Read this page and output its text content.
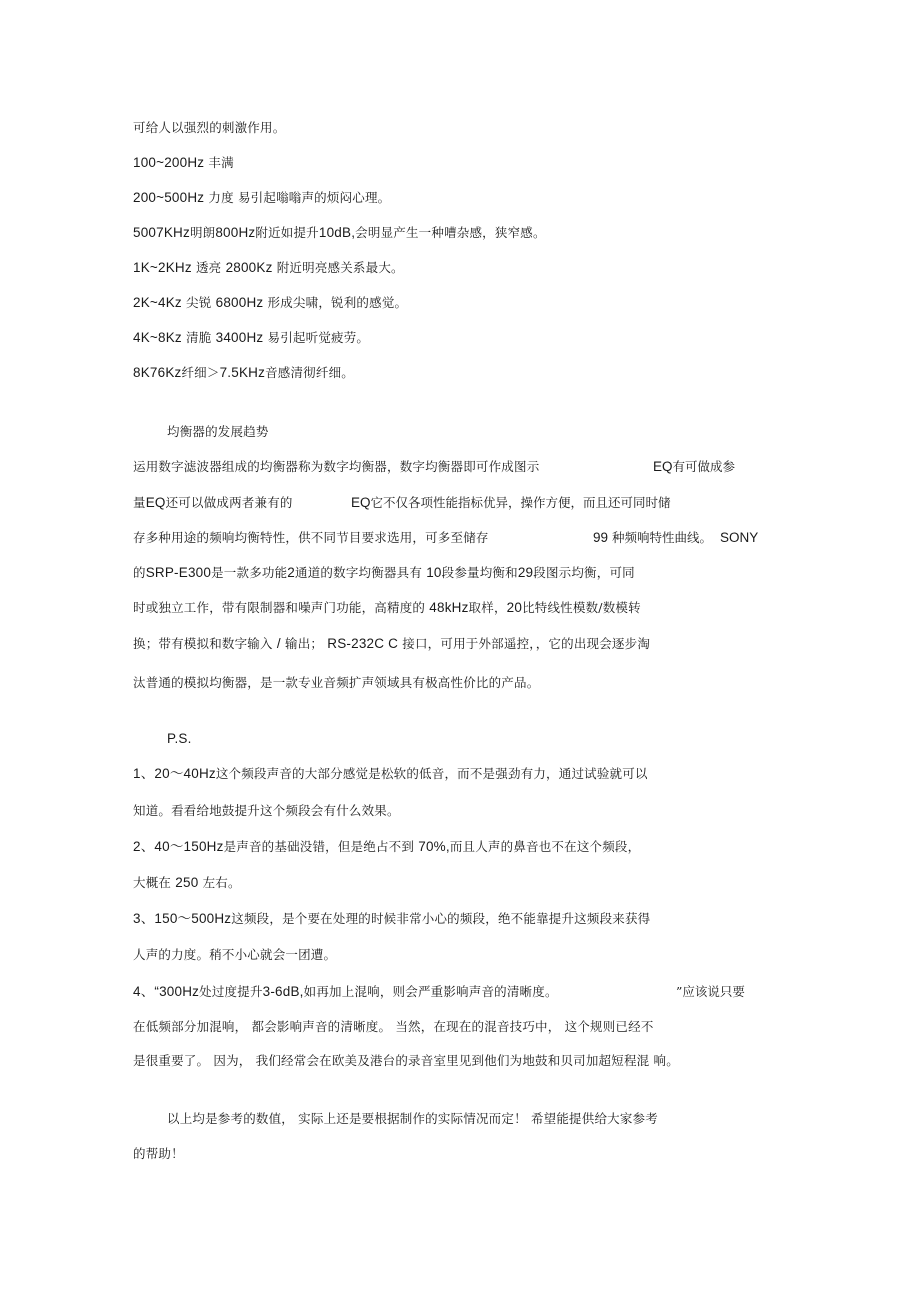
可给人以强烈的刺激作用。
100~200Hz 丰满
200~500Hz 力度 易引起嗡嗡声的烦闷心理。
5007KHz明朗800Hz附近如提升10dB,会明显产生一种嘈杂感，狭窄感。
1K~2KHz 透亮 2800Kz 附近明亮感关系最大。
2K~4Kz 尖锐 6800Hz 形成尖啸，锐利的感觉。
4K~8Kz 清脆 3400Hz 易引起听觉疲劳。
8K76Kz纤细＞7.5KHz音感清彻纤细。
均衡器的发展趋势
运用数字滤波器组成的均衡器称为数字均衡器，数字均衡器即可作成图示	EQ有可做成参
量EQ还可以做成两者兼有的	EQ它不仅各项性能指标优异，操作方便，而且还可同时储
存多种用途的频响均衡特性，供不同节目要求选用，可多至储存	99 种频响特性曲线。 SONY
的SRP-E300是一款多功能2通道的数字均衡器具有 10段参量均衡和29段图示均衡，可同
时或独立工作，带有限制器和噪声门功能，高精度的 48kHz取样，20比特线性模数/数模转
换；带有模拟和数字输入 / 输出； RS-232C C 接口，可用于外部遥控，，它的出现会逐步淘
汰普通的模拟均衡器，是一款专业音频扩声领域具有极高性价比的产品。
P.S.
1、20～40Hz这个频段声音的大部分感觉是松软的低音，而不是强劲有力，通过试验就可以
知道。看看给地鼓提升这个频段会有什么效果。
2、40～150Hz是声音的基础没错，但是绝占不到 70%,而且人声的鼻音也不在这个频段，
大概在 250 左右。
3、150～500Hz这频段，是个要在处理的时候非常小心的频段，绝不能靠提升这频段来获得
人声的力度。稍不小心就会一团遭。
4、“300Hz处过度提升3-6dB,如再加上混响，则会严重影响声音的清晰度。	”应该说只要
在低频部分加混响， 都会影响声音的清晰度。 当然，在现在的混音技巧中， 这个规则已经不
是很重要了。 因为， 我们经常会在欧美及港台的录音室里见到他们为地鼓和贝司加超短程混 响。
以上均是参考的数值， 实际上还是要根据制作的实际情况而定！ 希望能提供给大家参考
的帮助！
